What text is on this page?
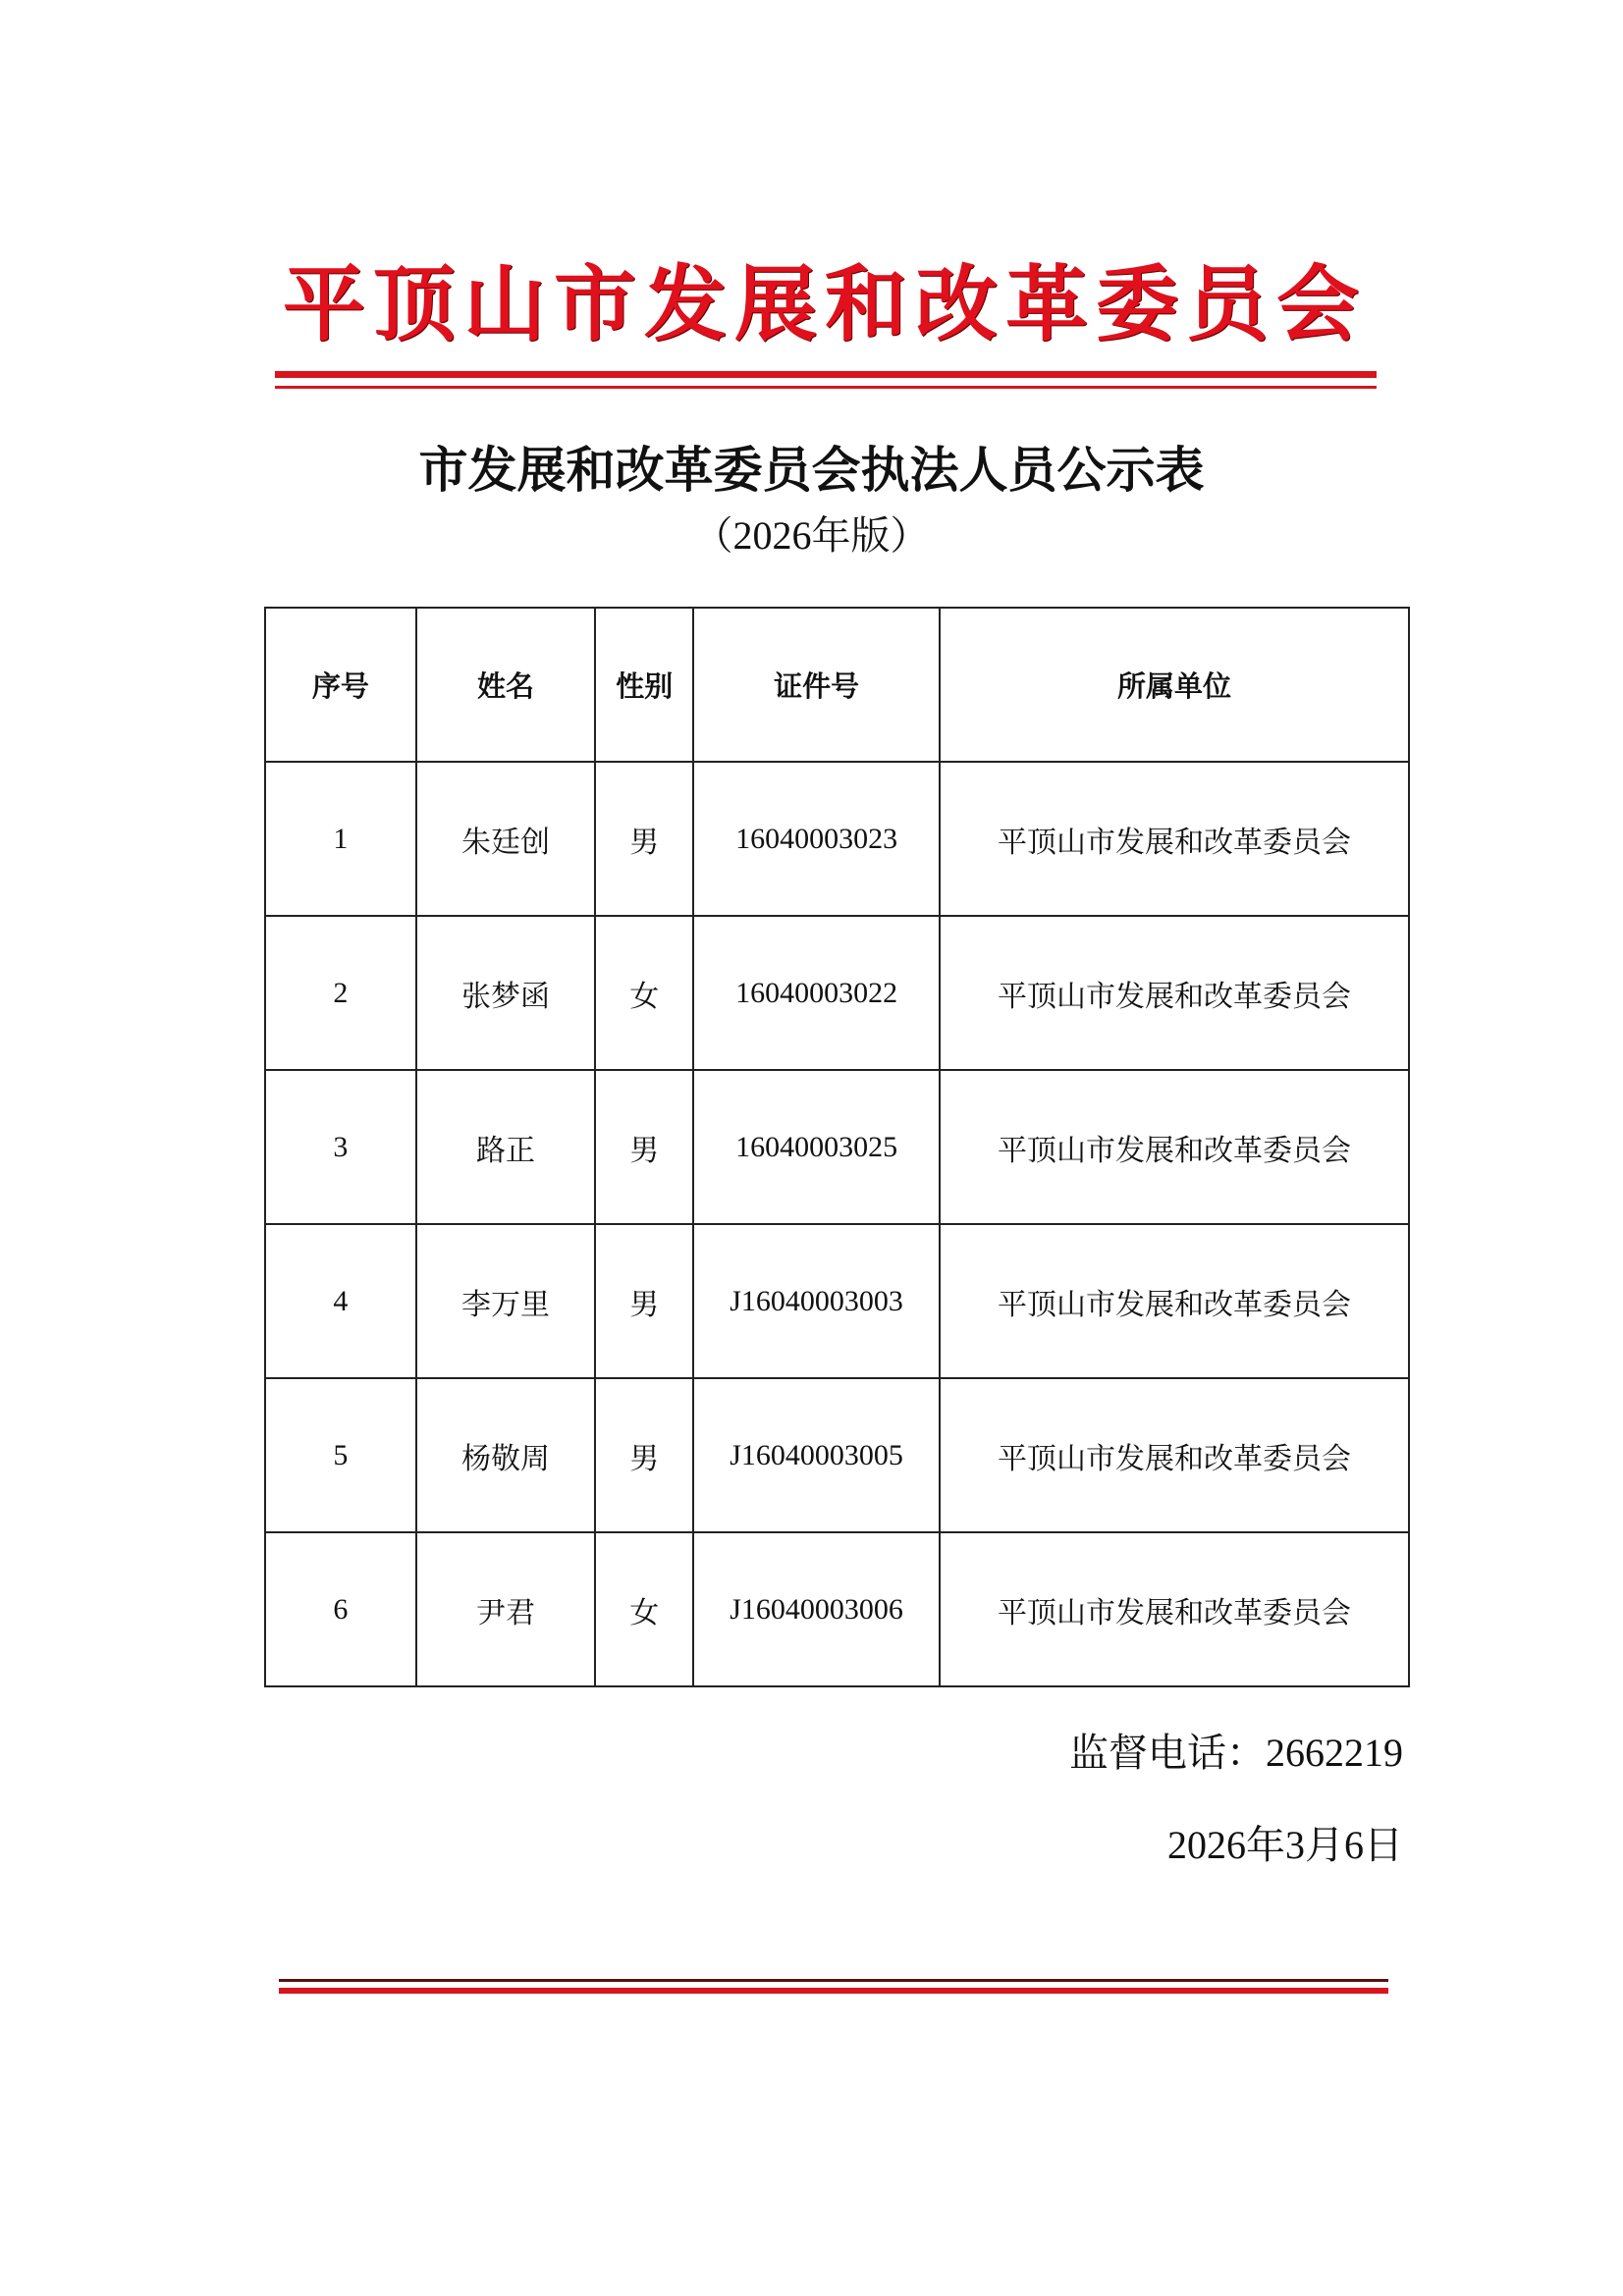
平顶山市发展和改革委员会
市发展和改革委员会执法人员公示表
（2026年版）
序号	姓名	性别	证件号	所属单位
1	朱廷创	男	16040003023	平顶山市发展和改革委员会
2	张梦函	女	16040003022	平顶山市发展和改革委员会
3	路正	男	16040003025	平顶山市发展和改革委员会
4	李万里	男	J16040003003	平顶山市发展和改革委员会
5	杨敬周	男	J16040003005	平顶山市发展和改革委员会
6	尹君	女	J16040003006	平顶山市发展和改革委员会
监督电话：2662219
2026年3月6日
